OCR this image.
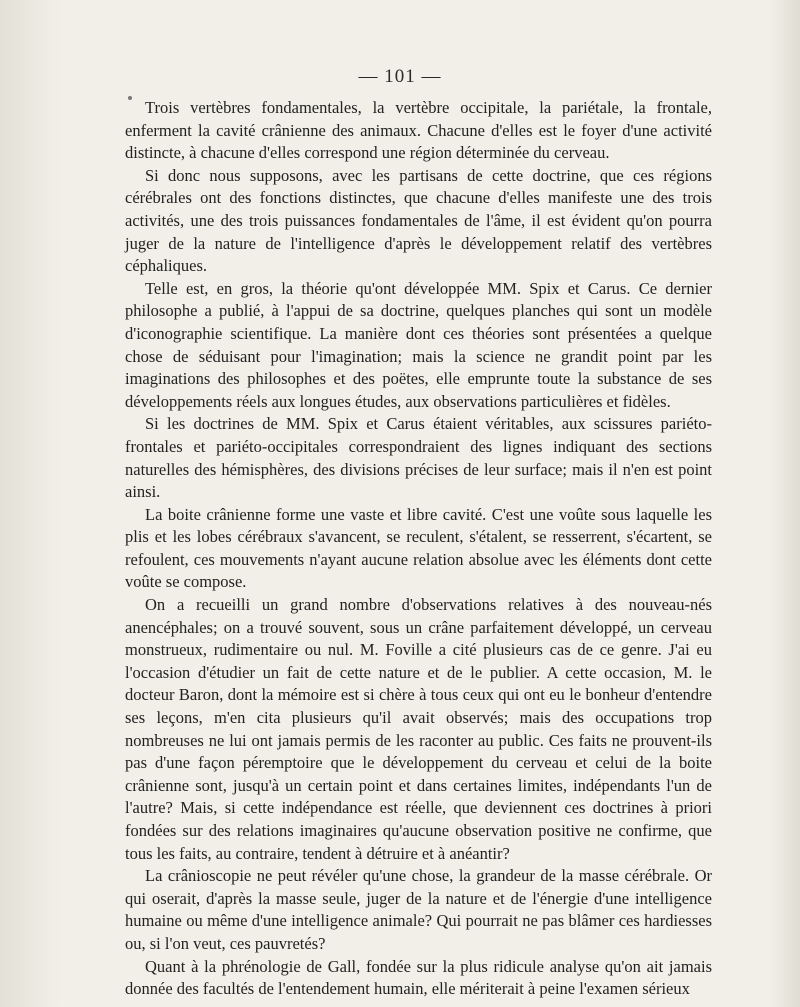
— 101 —

Trois vertèbres fondamentales, la vertèbre occipitale, la pariétale, la frontale, enferment la cavité crânienne des animaux. Chacune d'elles est le foyer d'une activité distincte, à chacune d'elles correspond une région déterminée du cerveau.

Si donc nous supposons, avec les partisans de cette doctrine, que ces régions cérébrales ont des fonctions distinctes, que chacune d'elles manifeste une des trois activités, une des trois puissances fondamentales de l'âme, il est évident qu'on pourra juger de la nature de l'intelligence d'après le développement relatif des vertèbres céphaliques.

Telle est, en gros, la théorie qu'ont développée MM. Spix et Carus. Ce dernier philosophe a publié, à l'appui de sa doctrine, quelques planches qui sont un modèle d'iconographie scientifique. La manière dont ces théories sont présentées a quelque chose de séduisant pour l'imagination; mais la science ne grandit point par les imaginations des philosophes et des poëtes, elle emprunte toute la substance de ses développements réels aux longues études, aux observations particulières et fidèles.

Si les doctrines de MM. Spix et Carus étaient véritables, aux scissures pariéto-frontales et pariéto-occipitales correspondraient des lignes indiquant des sections naturelles des hémisphères, des divisions précises de leur surface; mais il n'en est point ainsi.

La boite crânienne forme une vaste et libre cavité. C'est une voûte sous laquelle les plis et les lobes cérébraux s'avancent, se reculent, s'étalent, se resserrent, s'écartent, se refoulent, ces mouvements n'ayant aucune relation absolue avec les éléments dont cette voûte se compose.

On a recueilli un grand nombre d'observations relatives à des nouveau-nés anencéphales; on a trouvé souvent, sous un crâne parfaitement développé, un cerveau monstrueux, rudimentaire ou nul. M. Foville a cité plusieurs cas de ce genre. J'ai eu l'occasion d'étudier un fait de cette nature et de le publier. A cette occasion, M. le docteur Baron, dont la mémoire est si chère à tous ceux qui ont eu le bonheur d'entendre ses leçons, m'en cita plusieurs qu'il avait observés; mais des occupations trop nombreuses ne lui ont jamais permis de les raconter au public. Ces faits ne prouvent-ils pas d'une façon péremptoire que le développement du cerveau et celui de la boite crânienne sont, jusqu'à un certain point et dans certaines limites, indépendants l'un de l'autre? Mais, si cette indépendance est réelle, que deviennent ces doctrines à priori fondées sur des relations imaginaires qu'aucune observation positive ne confirme, que tous les faits, au contraire, tendent à détruire et à anéantir?

La crânioscopie ne peut révéler qu'une chose, la grandeur de la masse cérébrale. Or qui oserait, d'après la masse seule, juger de la nature et de l'énergie d'une intelligence humaine ou même d'une intelligence animale? Qui pourrait ne pas blâmer ces hardiesses ou, si l'on veut, ces pauvretés?

Quant à la phrénologie de Gall, fondée sur la plus ridicule analyse qu'on ait jamais donnée des facultés de l'entendement humain, elle mériterait à peine l'examen sérieux
